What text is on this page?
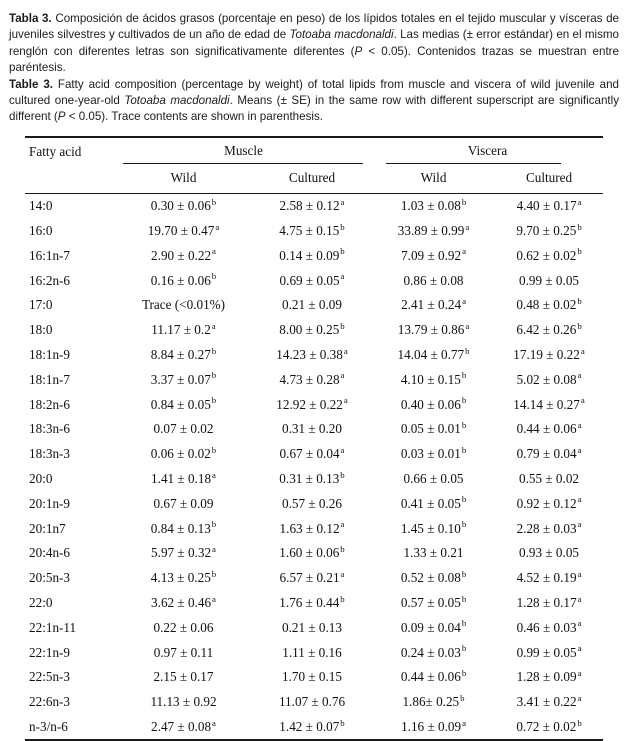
Tabla 3. Composición de ácidos grasos (porcentaje en peso) de los lípidos totales en el tejido muscular y vísceras de juveniles silvestres y cultivados de un año de edad de Totoaba macdonaldi. Las medias (± error estándar) en el mismo renglón con diferentes letras son significativamente diferentes (P < 0.05). Contenidos trazas se muestran entre paréntesis.

Table 3. Fatty acid composition (percentage by weight) of total lipids from muscle and viscera of wild juvenile and cultured one-year-old Totoaba macdonaldi. Means (± SE) in the same row with different superscript are significantly different (P < 0.05). Trace contents are shown in parenthesis.

Fatty acid	Muscle		Viscera	

	Wild	Cultured	Wild	Cultured
14:0	0.30 ± 0.06$^b$	2.58 ± 0.12$^a$	1.03 ± 0.08$^b$	4.40 ± 0.17$^a$
16:0	19.70 ± 0.47$^a$	4.75 ± 0.15$^b$	33.89 ± 0.99$^a$	9.70 ± 0.25$^b$
16:1n-7	2.90 ± 0.22$^a$	0.14 ± 0.09$^b$	7.09 ± 0.92$^a$	0.62 ± 0.02$^b$
16:2n-6	0.16 ± 0.06$^b$	0.69 ± 0.05$^a$	0.86 ± 0.08	0.99 ± 0.05
17:0	Trace (<0.01%)	0.21 ± 0.09	2.41 ± 0.24$^a$	0.48 ± 0.02$^b$
18:0	11.17 ± 0.2$^a$	8.00 ± 0.25$^b$	13.79 ± 0.86$^a$	6.42 ± 0.26$^b$
18:1n-9	8.84 ± 0.27$^b$	14.23 ± 0.38$^a$	14.04 ± 0.77$^b$	17.19 ± 0.22$^a$
18:1n-7	3.37 ± 0.07$^b$	4.73 ± 0.28$^a$	4.10 ± 0.15$^b$	5.02 ± 0.08$^a$
18:2n-6	0.84 ± 0.05$^b$	12.92 ± 0.22$^a$	0.40 ± 0.06$^b$	14.14 ± 0.27$^a$
18:3n-6	0.07 ± 0.02	0.31 ± 0.20	0.05 ± 0.01$^b$	0.44 ± 0.06$^a$
18:3n-3	0.06 ± 0.02$^b$	0.67 ± 0.04$^a$	0.03 ± 0.01$^b$	0.79 ± 0.04$^a$
20:0	1.41 ± 0.18$^a$	0.31 ± 0.13$^b$	0.66 ± 0.05	0.55 ± 0.02
20:1n-9	0.67 ± 0.09	0.57 ± 0.26	0.41 ± 0.05$^b$	0.92 ± 0.12$^a$
20:1n7	0.84 ± 0.13$^b$	1.63 ± 0.12$^a$	1.45 ± 0.10$^b$	2.28 ± 0.03$^a$
20:4n-6	5.97 ± 0.32$^a$	1.60 ± 0.06$^b$	1.33 ± 0.21	0.93 ± 0.05
20:5n-3	4.13 ± 0.25$^b$	6.57 ± 0.21$^a$	0.52 ± 0.08$^b$	4.52 ± 0.19$^a$
22:0	3.62 ± 0.46$^a$	1.76 ± 0.44$^b$	0.57 ± 0.05$^b$	1.28 ± 0.17$^a$
22:1n-11	0.22 ± 0.06	0.21 ± 0.13	0.09 ± 0.04$^b$	0.46 ± 0.03$^a$
22:1n-9	0.97 ± 0.11	1.11 ± 0.16	0.24 ± 0.03$^b$	0.99 ± 0.05$^a$
22:5n-3	2.15 ± 0.17	1.70 ± 0.15	0.44 ± 0.06$^b$	1.28 ± 0.09$^a$
22:6n-3	11.13 ± 0.92	11.07 ± 0.76	1.86± 0.25$^b$	3.41 ± 0.22$^a$
n-3/n-6	2.47 ± 0.08$^a$	1.42 ± 0.07$^b$	1.16 ± 0.09$^a$	0.72 ± 0.02$^b$
